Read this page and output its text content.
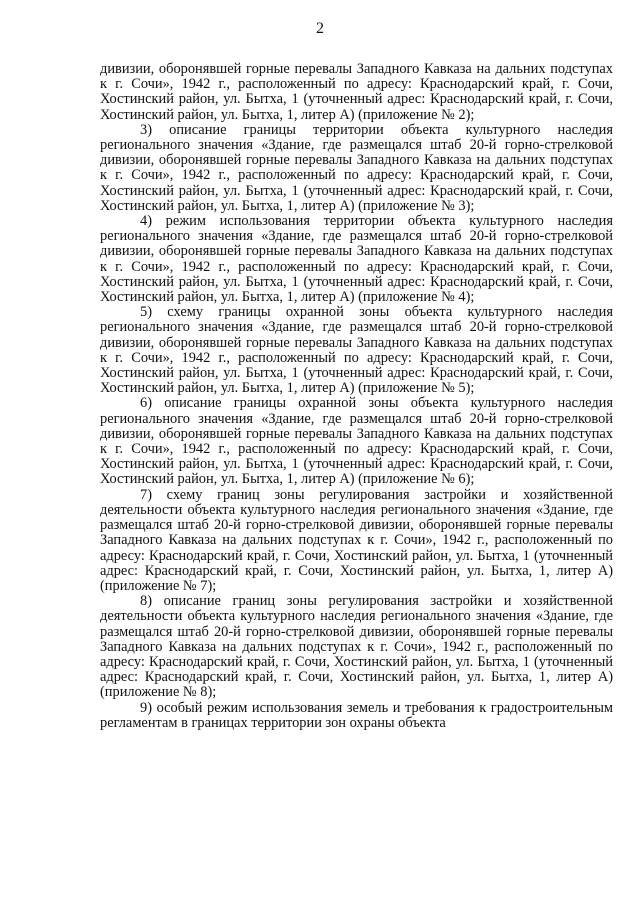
2

дивизии, оборонявшей горные перевалы Западного Кавказа на дальних подступах к г. Сочи», 1942 г., расположенный по адресу: Краснодарский край, г. Сочи, Хостинский район, ул. Бытха, 1 (уточненный адрес: Краснодарский край, г. Сочи, Хостинский район, ул. Бытха, 1, литер А) (приложение № 2);

3) описание границы территории объекта культурного наследия регионального значения «Здание, где размещался штаб 20-й горно-стрелковой дивизии, оборонявшей горные перевалы Западного Кавказа на дальних подступах к г. Сочи», 1942 г., расположенный по адресу: Краснодарский край, г. Сочи, Хостинский район, ул. Бытха, 1 (уточненный адрес: Краснодарский край, г. Сочи, Хостинский район, ул. Бытха, 1, литер А) (приложение № 3);

4) режим использования территории объекта культурного наследия регионального значения «Здание, где размещался штаб 20-й горно-стрелковой дивизии, оборонявшей горные перевалы Западного Кавказа на дальних подступах к г. Сочи», 1942 г., расположенный по адресу: Краснодарский край, г. Сочи, Хостинский район, ул. Бытха, 1 (уточненный адрес: Краснодарский край, г. Сочи, Хостинский район, ул. Бытха, 1, литер А) (приложение № 4);

5) схему границы охранной зоны объекта культурного наследия регионального значения «Здание, где размещался штаб 20-й горно-стрелковой дивизии, оборонявшей горные перевалы Западного Кавказа на дальних подступах к г. Сочи», 1942 г., расположенный по адресу: Краснодарский край, г. Сочи, Хостинский район, ул. Бытха, 1 (уточненный адрес: Краснодарский край, г. Сочи, Хостинский район, ул. Бытха, 1, литер А) (приложение № 5);

6) описание границы охранной зоны объекта культурного наследия регионального значения «Здание, где размещался штаб 20-й горно-стрелковой дивизии, оборонявшей горные перевалы Западного Кавказа на дальних подступах к г. Сочи», 1942 г., расположенный по адресу: Краснодарский край, г. Сочи, Хостинский район, ул. Бытха, 1 (уточненный адрес: Краснодарский край, г. Сочи, Хостинский район, ул. Бытха, 1, литер А) (приложение № 6);

7) схему границ зоны регулирования застройки и хозяйственной деятельности объекта культурного наследия регионального значения «Здание, где размещался штаб 20-й горно-стрелковой дивизии, оборонявшей горные перевалы Западного Кавказа на дальних подступах к г. Сочи», 1942 г., расположенный по адресу: Краснодарский край, г. Сочи, Хостинский район, ул. Бытха, 1 (уточненный адрес: Краснодарский край, г. Сочи, Хостинский район, ул. Бытха, 1, литер А) (приложение № 7);

8) описание границ зоны регулирования застройки и хозяйственной деятельности объекта культурного наследия регионального значения «Здание, где размещался штаб 20-й горно-стрелковой дивизии, оборонявшей горные перевалы Западного Кавказа на дальних подступах к г. Сочи», 1942 г., расположенный по адресу: Краснодарский край, г. Сочи, Хостинский район, ул. Бытха, 1 (уточненный адрес: Краснодарский край, г. Сочи, Хостинский район, ул. Бытха, 1, литер А) (приложение № 8);

9) особый режим использования земель и требования к градостроительным регламентам в границах территории зон охраны объекта
